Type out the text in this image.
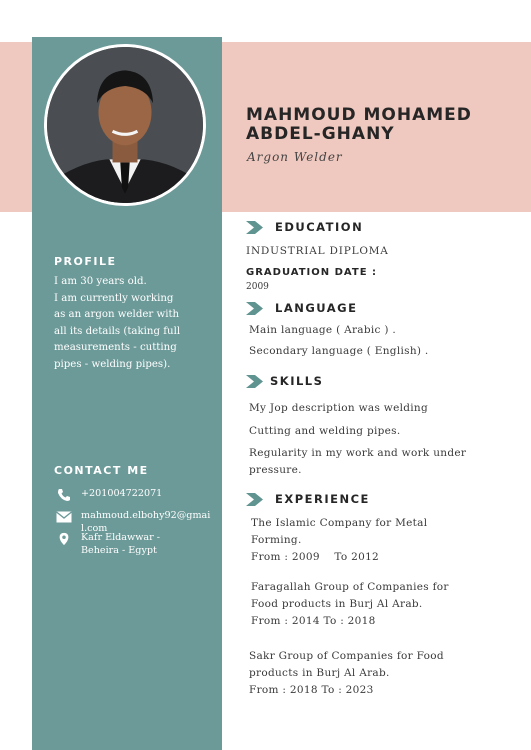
MAHMOUD MOHAMED
ABDEL-GHANY
Argon Welder
PROFILE
I am 30 years old.
I am currently working
as an argon welder with
all its details (taking full
measurements - cutting
pipes - welding pipes).
CONTACT ME
+201004722071
mahmoud.elbohy92@gmail.com
Kafr Eldawwar - Beheira - Egypt
EDUCATION
INDUSTRIAL DIPLOMA
GRADUATION DATE :
2009
LANGUAGE
Main language ( Arabic ) .
Secondary language ( English) .
SKILLS
My Jop description was welding
Cutting and welding pipes.
Regularity in my work and work under
pressure.
EXPERIENCE
The Islamic Company for Metal
Forming.
From : 2009    To 2012
Faragallah Group of Companies for
Food products in Burj Al Arab.
From : 2014 To : 2018
Sakr Group of Companies for Food
products in Burj Al Arab.
From : 2018 To : 2023
